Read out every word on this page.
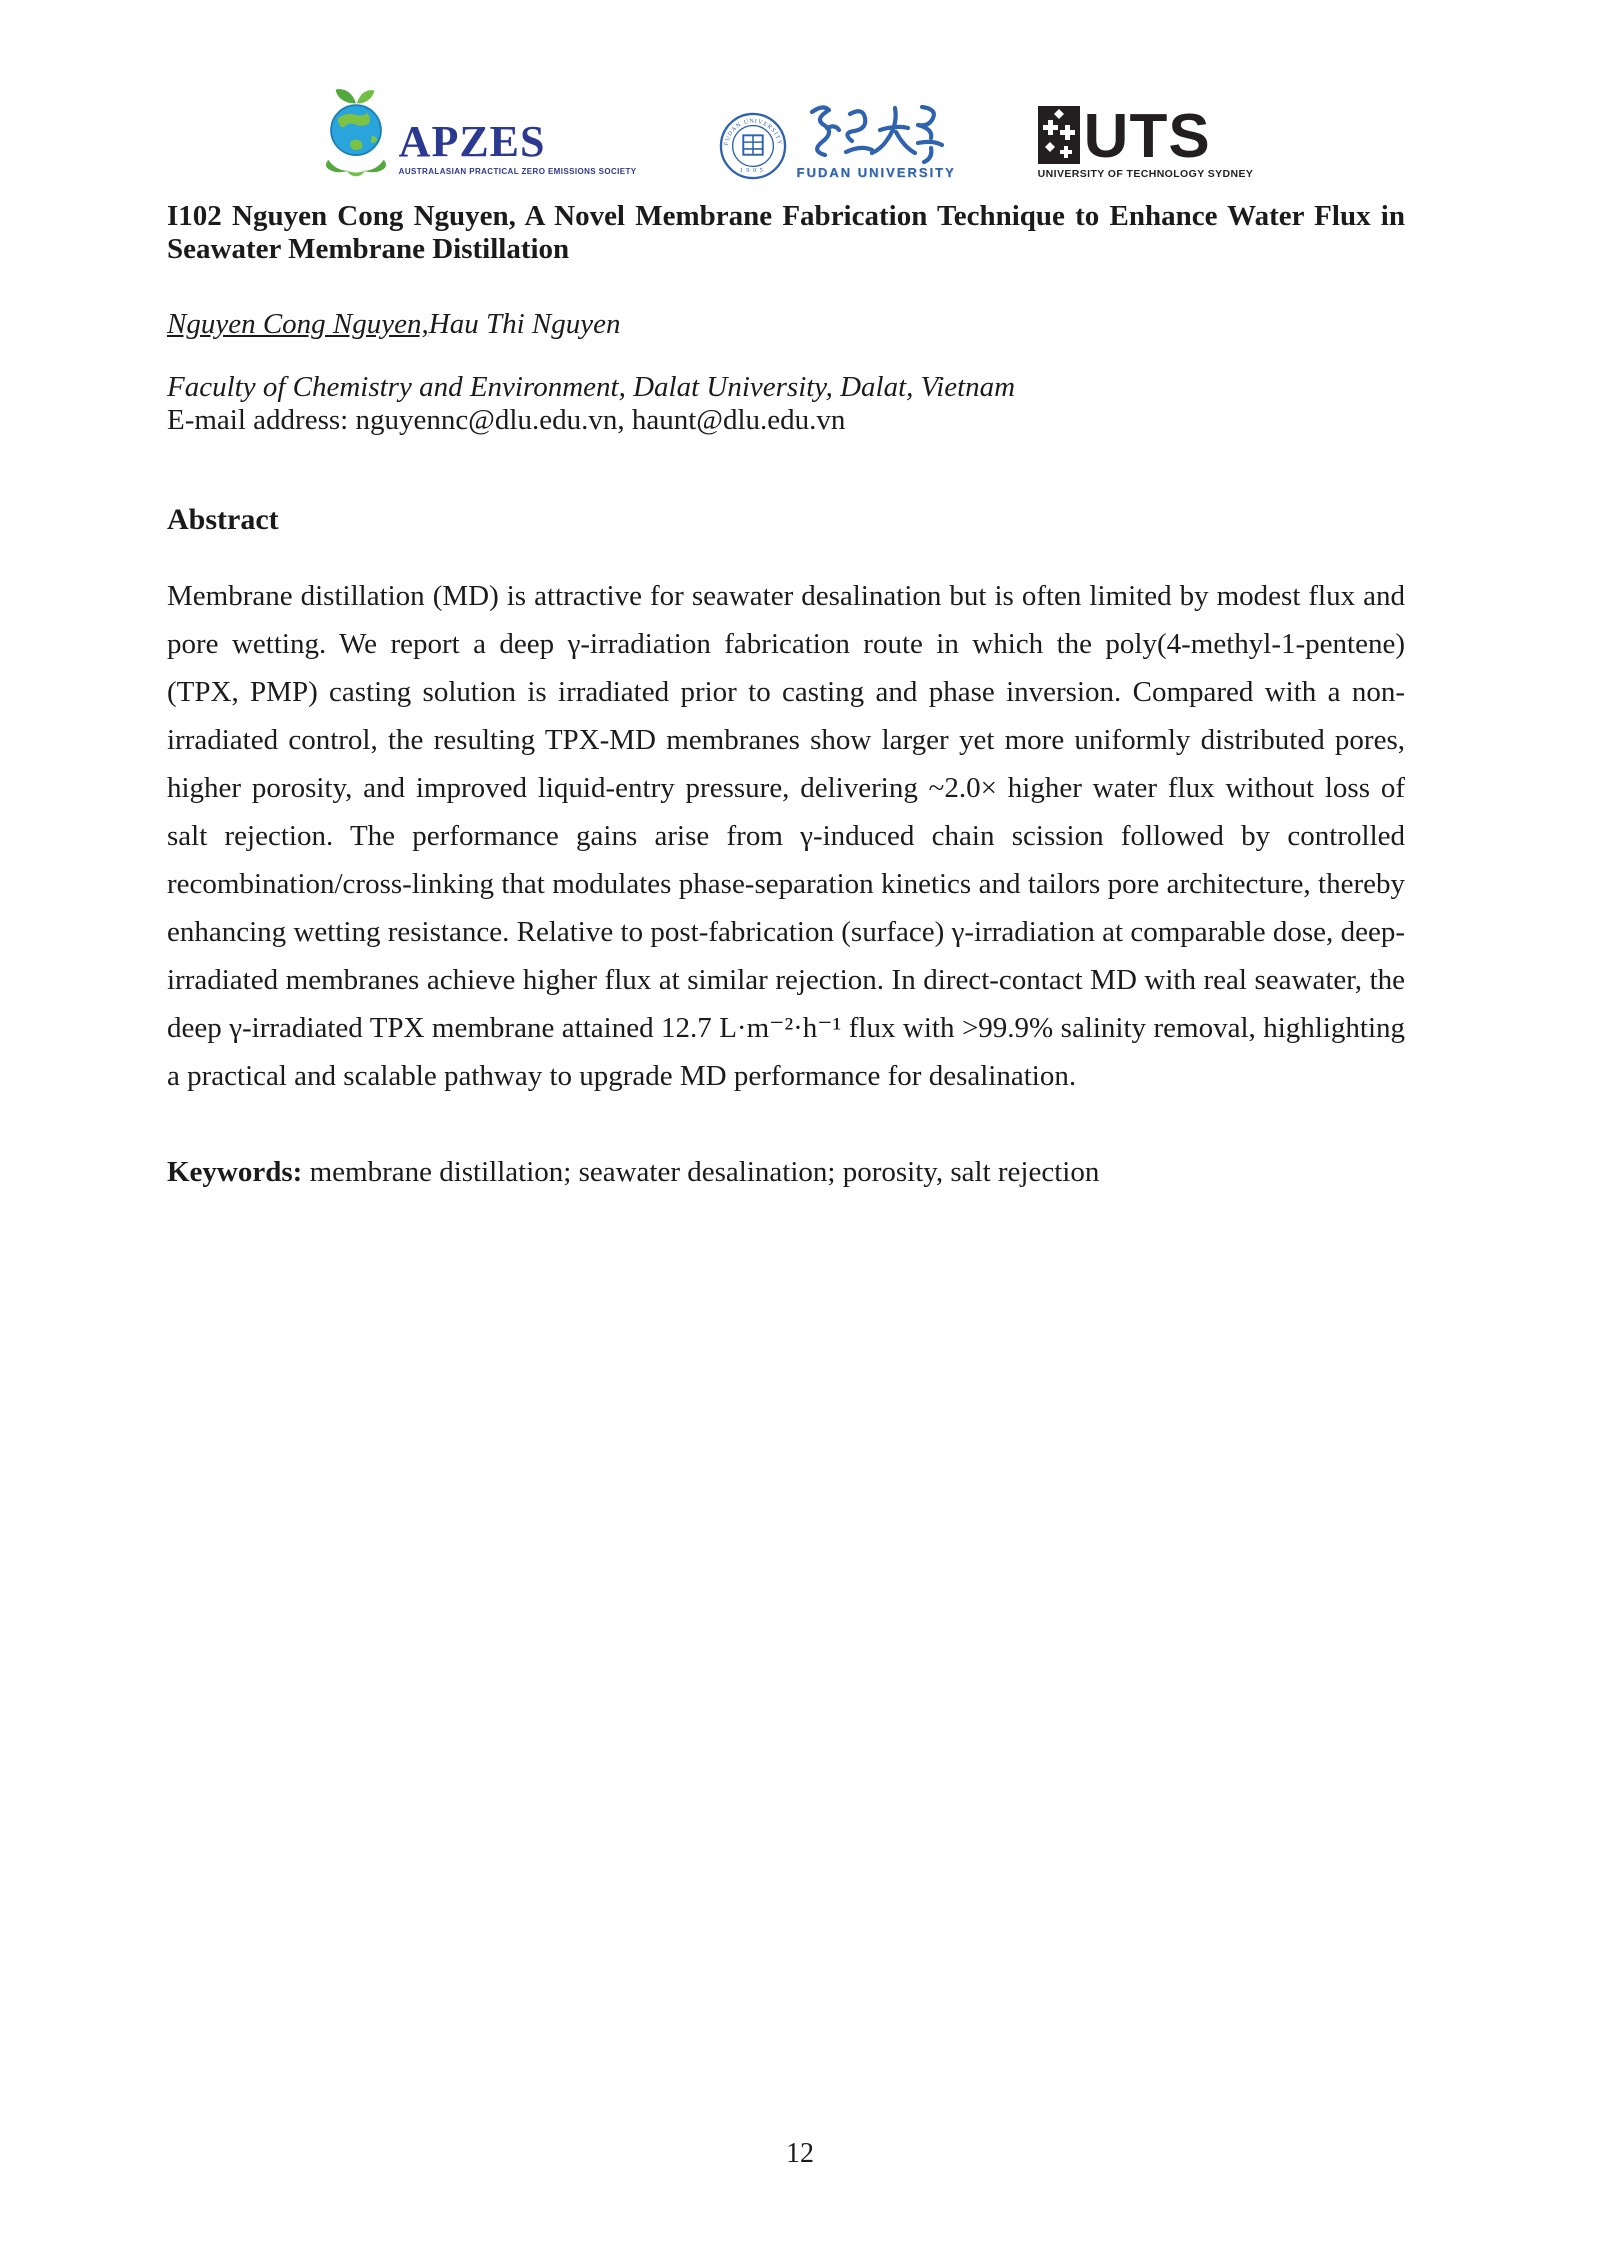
APZES
AUSTRALASIAN PRACTICAL ZERO EMISSIONS SOCIETY
FUDAN UNIVERSITY
1905 FUDAN UNIVERSITY
UTS
UNIVERSITY OF TECHNOLOGY SYDNEY
I102 Nguyen Cong Nguyen, A Novel Membrane Fabrication Technique to Enhance Water Flux in Seawater Membrane Distillation

Nguyen Cong Nguyen,Hau Thi Nguyen

Faculty of Chemistry and Environment, Dalat University, Dalat, Vietnam

E-mail address: nguyennc@dlu.edu.vn, haunt@dlu.edu.vn

Abstract

Membrane distillation (MD) is attractive for seawater desalination but is often limited by modest flux and pore wetting. We report a deep γ-irradiation fabrication route in which the poly(4-methyl-1-pentene) (TPX, PMP) casting solution is irradiated prior to casting and phase inversion. Compared with a non-irradiated control, the resulting TPX-MD membranes show larger yet more uniformly distributed pores, higher porosity, and improved liquid-entry pressure, delivering ~2.0× higher water flux without loss of salt rejection. The performance gains arise from γ-induced chain scission followed by controlled recombination/cross-linking that modulates phase-separation kinetics and tailors pore architecture, thereby enhancing wetting resistance. Relative to post-fabrication (surface) γ-irradiation at comparable dose, deep-irradiated membranes achieve higher flux at similar rejection. In direct-contact MD with real seawater, the deep γ-irradiated TPX membrane attained 12.7 L·m⁻²·h⁻¹ flux with >99.9% salinity removal, highlighting a practical and scalable pathway to upgrade MD performance for desalination.

Keywords: membrane distillation; seawater desalination; porosity, salt rejection

12
